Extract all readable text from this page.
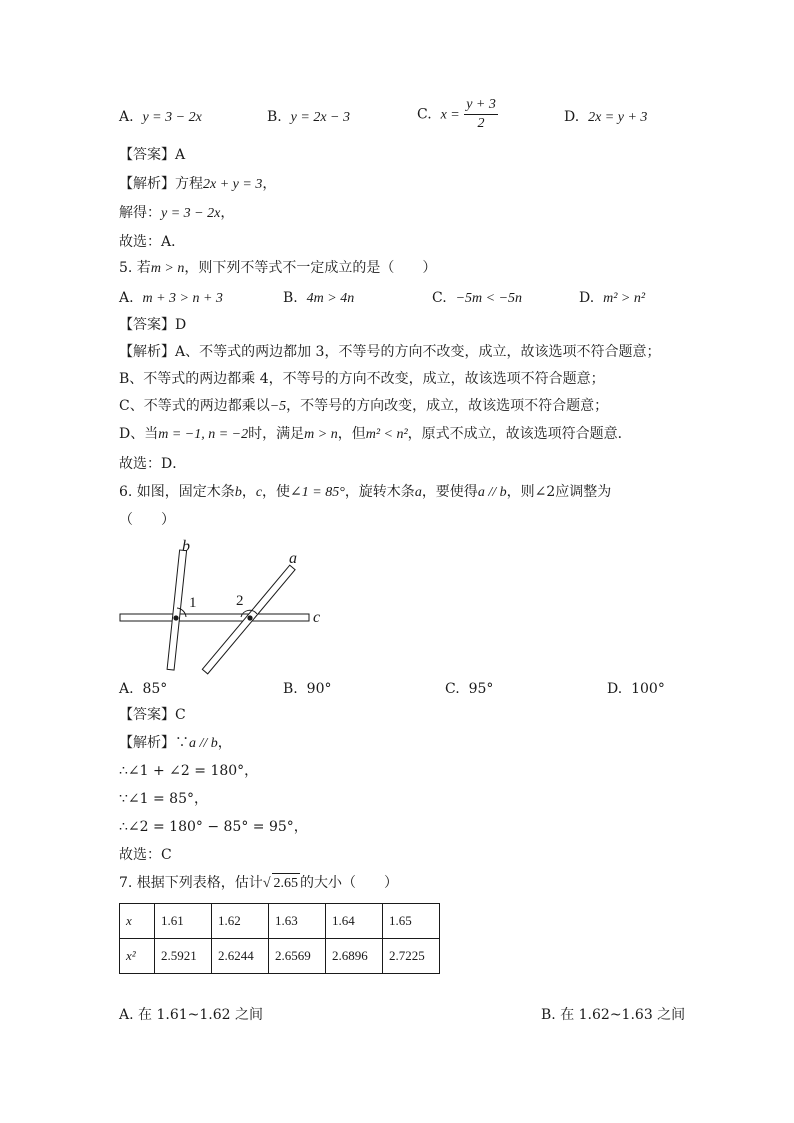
A. y = 3 − 2x	B. y = 2x − 3	C. $x = \frac{y + 3}{2}$	D. 2x = y + 3
【答案】A
【解析】方程2x + y = 3，
解得：y = 3 − 2x，
故选：A．
5. 若m > n，则下列不等式不一定成立的是（　　）
A. m + 3 > n + 3	B. 4m > 4n	C. −5m < −5n	D. m² > n²
【答案】D
【解析】A、不等式的两边都加 3，不等号的方向不改变，成立，故该选项不符合题意；
B、不等式的两边都乘 4，不等号的方向不改变，成立，故该选项不符合题意；
C、不等式的两边都乘以−5，不等号的方向改变，成立，故该选项不符合题意；
D、当m = −1, n = −2时，满足m > n，但m² < n²，原式不成立，故该选项符合题意．
故选：D．
6. 如图，固定木条b，c，使∠1 = 85°，旋转木条a，要使得a // b，则∠2应调整为
（　　）
b
a
c
1	2
A. 85°	B. 90°	C. 95°	D. 100°
【答案】C
【解析】∵a // b，
∴∠1 + ∠2 = 180°，
∵∠1 = 85°，
∴∠2 = 180° − 85° = 95°，
故选：C
7. 根据下列表格，估计√ 2.65 的大小（　　）
x	1.61	1.62	1.63	1.64	1.65
x²	2.5921	2.6244	2.6569	2.6896	2.7225
A. 在 1.61~1.62 之间	B. 在 1.62~1.63 之间
